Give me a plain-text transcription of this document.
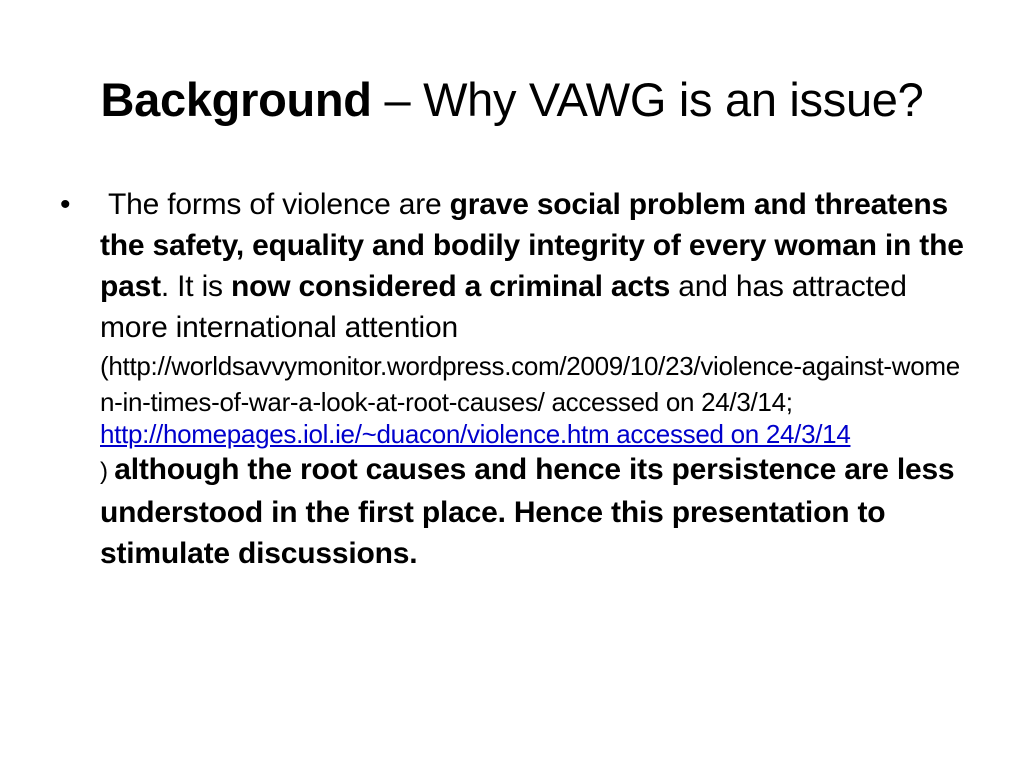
Background – Why VAWG is an issue?
• The forms of violence are grave social problem and threatens the safety, equality and bodily integrity of every woman in the past. It is now considered a criminal acts and has attracted more international attention
(http://worldsavvymonitor.wordpress.com/2009/10/23/violence-against-women-in-times-of-war-a-look-at-root-causes/ accessed on 24/3/14;
http://homepages.iol.ie/~duacon/violence.htm accessed on 24/3/14
) although the root causes and hence its persistence are less understood in the first place. Hence this presentation to stimulate discussions.
